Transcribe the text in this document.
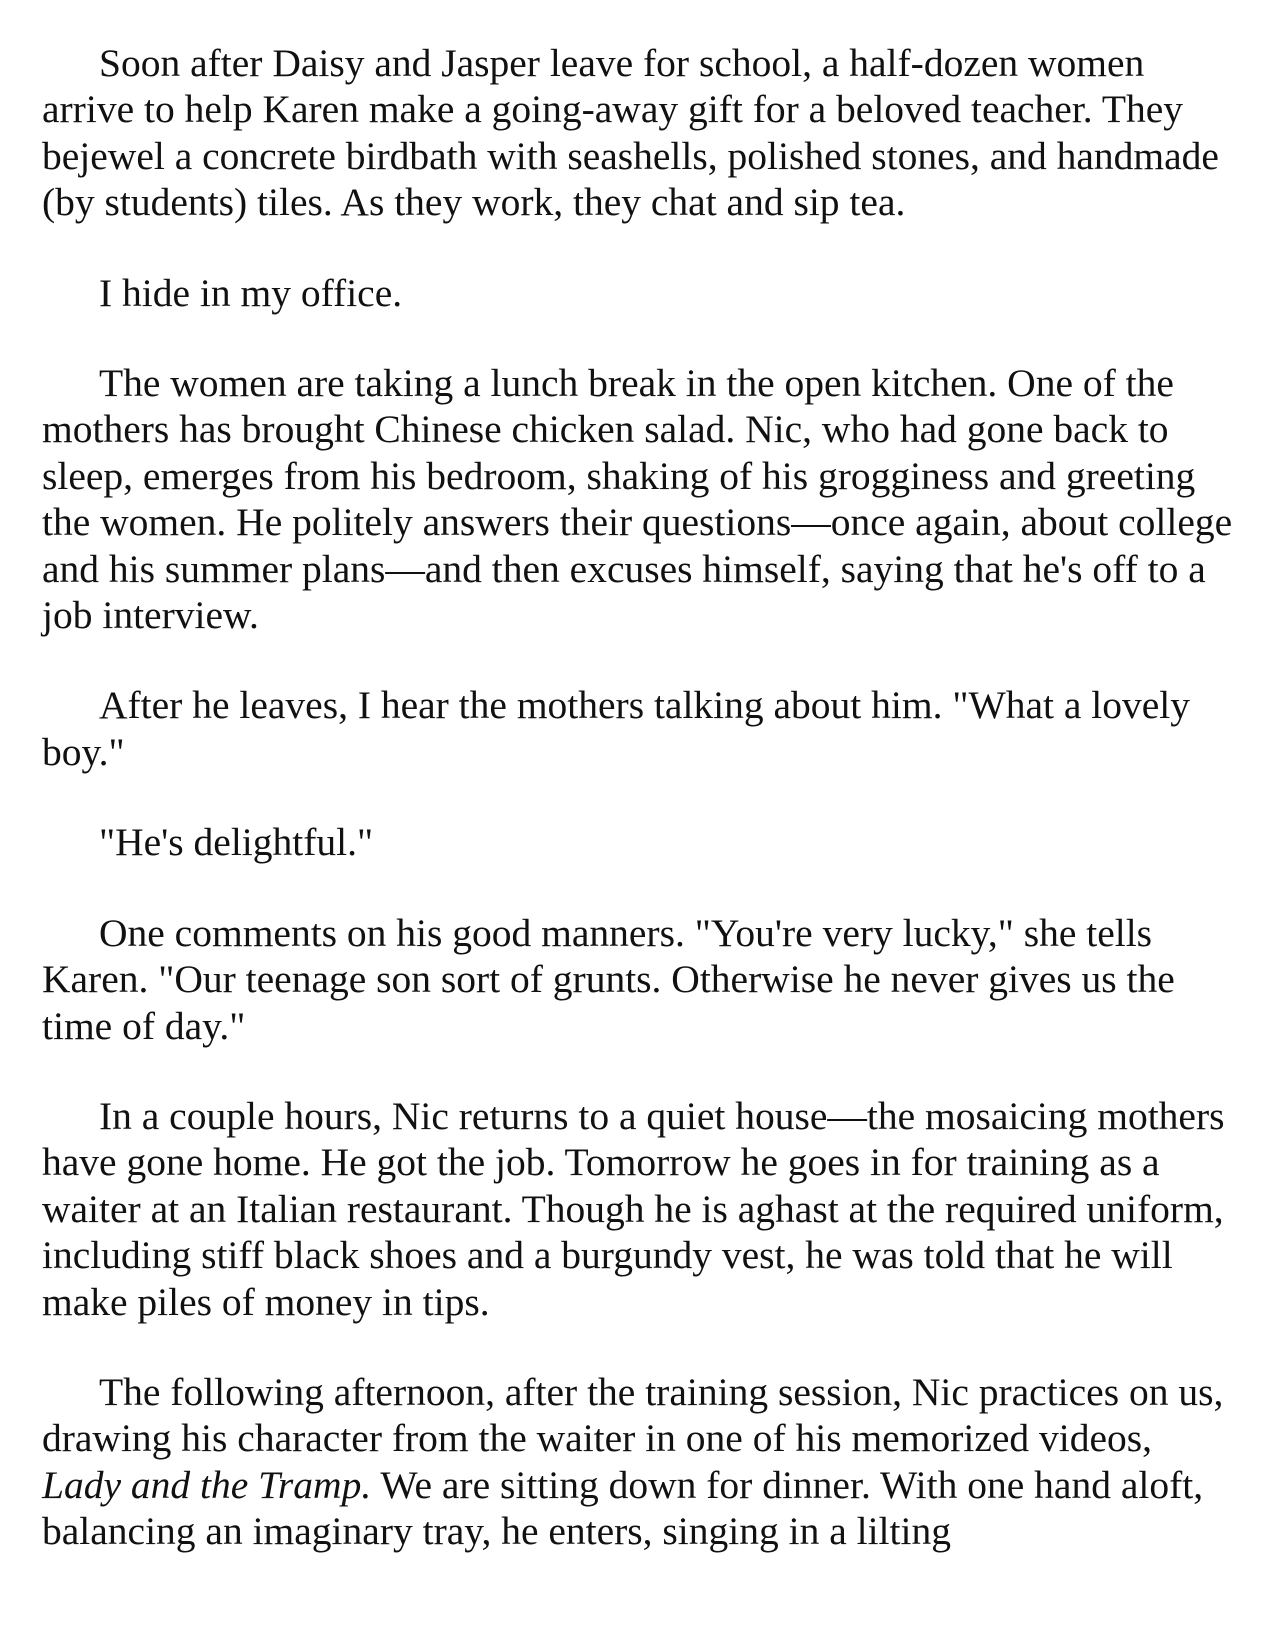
Soon after Daisy and Jasper leave for school, a half-dozen women arrive to help Karen make a going-away gift for a beloved teacher. They bejewel a concrete birdbath with seashells, polished stones, and handmade (by students) tiles. As they work, they chat and sip tea.

I hide in my office.

The women are taking a lunch break in the open kitchen. One of the mothers has brought Chinese chicken salad. Nic, who had gone back to sleep, emerges from his bedroom, shaking of his grogginess and greeting the women. He politely answers their questions—once again, about college and his summer plans—and then excuses himself, saying that he's off to a job interview.

After he leaves, I hear the mothers talking about him. "What a lovely boy."

"He's delightful."

One comments on his good manners. "You're very lucky," she tells Karen. "Our teenage son sort of grunts. Otherwise he never gives us the time of day."

In a couple hours, Nic returns to a quiet house—the mosaicing mothers have gone home. He got the job. Tomorrow he goes in for training as a waiter at an Italian restaurant. Though he is aghast at the required uniform, including stiff black shoes and a burgundy vest, he was told that he will make piles of money in tips.

The following afternoon, after the training session, Nic practices on us, drawing his character from the waiter in one of his memorized videos, Lady and the Tramp. We are sitting down for dinner. With one hand aloft, balancing an imaginary tray, he enters, singing in a lilting
